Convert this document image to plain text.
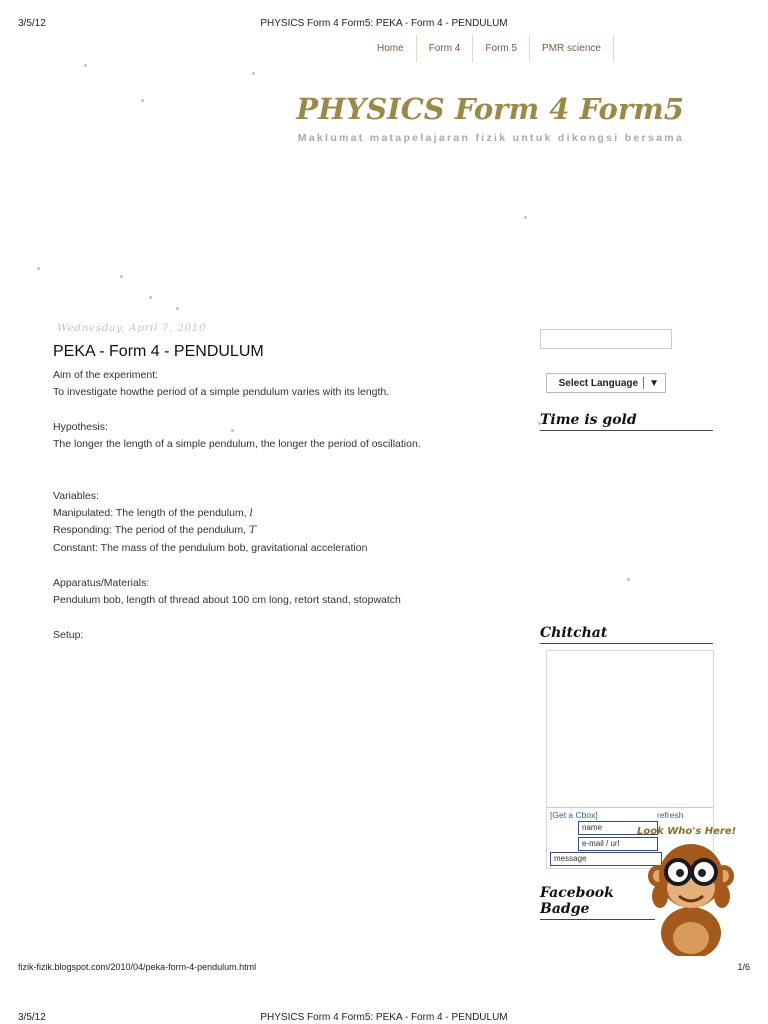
3/5/12	PHYSICS Form 4 Form5: PEKA - Form 4 - PENDULUM
Home	Form 4	Form 5	PMR science
PHYSICS Form 4 Form5
Maklumat matapelajaran fizik untuk dikongsi bersama
Wednesday, April 7, 2010
PEKA - Form 4 - PENDULUM
Aim of the experiment:
To investigate howthe period of a simple pendulum varies with its length.
Hypothesis:
The longer the length of a simple pendulum, the longer the period of oscillation.
Variables:
Manipulated: The length of the pendulum, l
Responding: The period of the pendulum, T
Constant: The mass of the pendulum bob, gravitational acceleration
Apparatus/Materials:
Pendulum bob, length of thread about 100 cm long, retort stand, stopwatch
Setup:
Select Language ▼
Time is gold
Chitchat
[Get a Cbox]	refresh
name
e-mail / url
message
Look Who's Here!
Facebook Badge
fizik-fizik.blogspot.com/2010/04/peka-form-4-pendulum.html	1/6
3/5/12	PHYSICS Form 4 Form5: PEKA - Form 4 - PENDULUM
